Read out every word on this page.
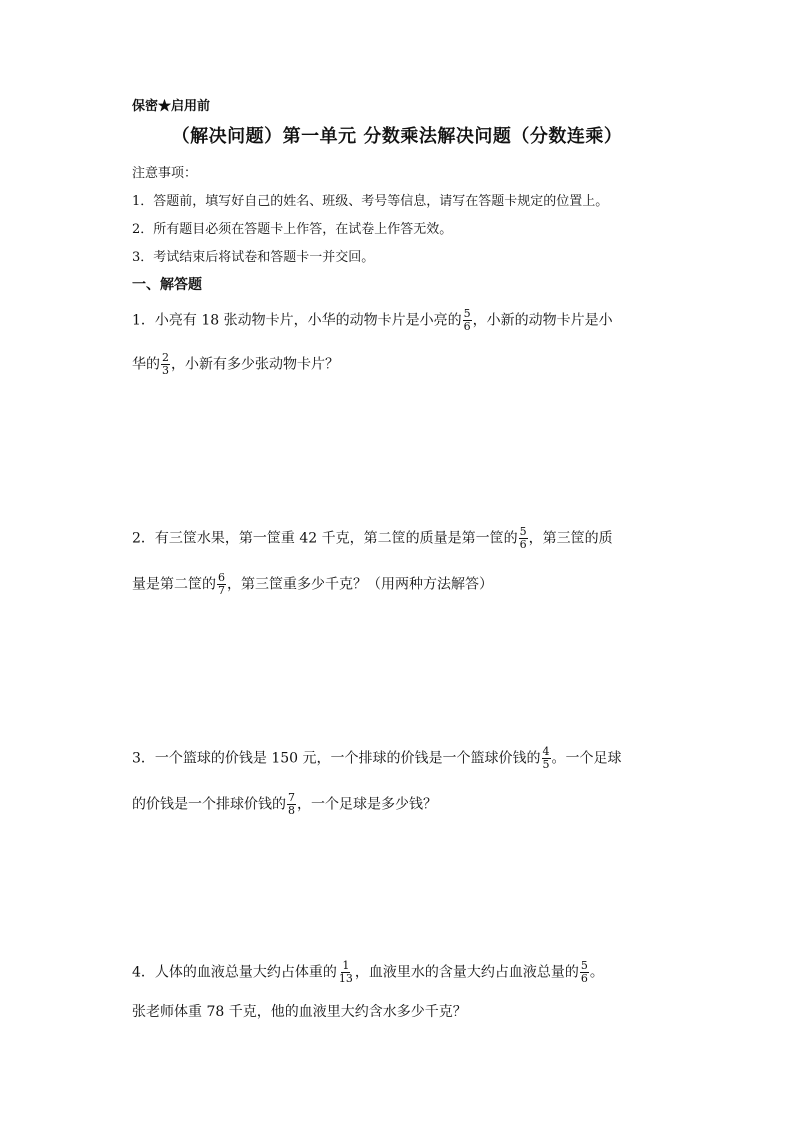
保密★启用前
（解决问题）第一单元 分数乘法解决问题（分数连乘）
注意事项：
1．答题前，填写好自己的姓名、班级、考号等信息，请写在答题卡规定的位置上。
2．所有题目必须在答题卡上作答，在试卷上作答无效。
3．考试结束后将试卷和答题卡一并交回。
一、解答题
1．小亮有 18 张动物卡片，小华的动物卡片是小亮的 $\frac{5}{6}$ ，小新的动物卡片是小
华的 $\frac{2}{3}$ ，小新有多少张动物卡片？
2．有三筐水果，第一筐重 42 千克，第二筐的质量是第一筐的 $\frac{5}{6}$ ，第三筐的质
量是第二筐的 $\frac{6}{7}$ ，第三筐重多少千克？（用两种方法解答）
3．一个篮球的价钱是 150 元，一个排球的价钱是一个篮球价钱的 $\frac{4}{5}$ 。一个足球
的价钱是一个排球价钱的 $\frac{7}{8}$ ，一个足球是多少钱？
4．人体的血液总量大约占体重的 $\frac{1}{13}$ ，血液里水的含量大约占血液总量的 $\frac{5}{6}$ 。
张老师体重 78 千克，他的血液里大约含水多少千克？
